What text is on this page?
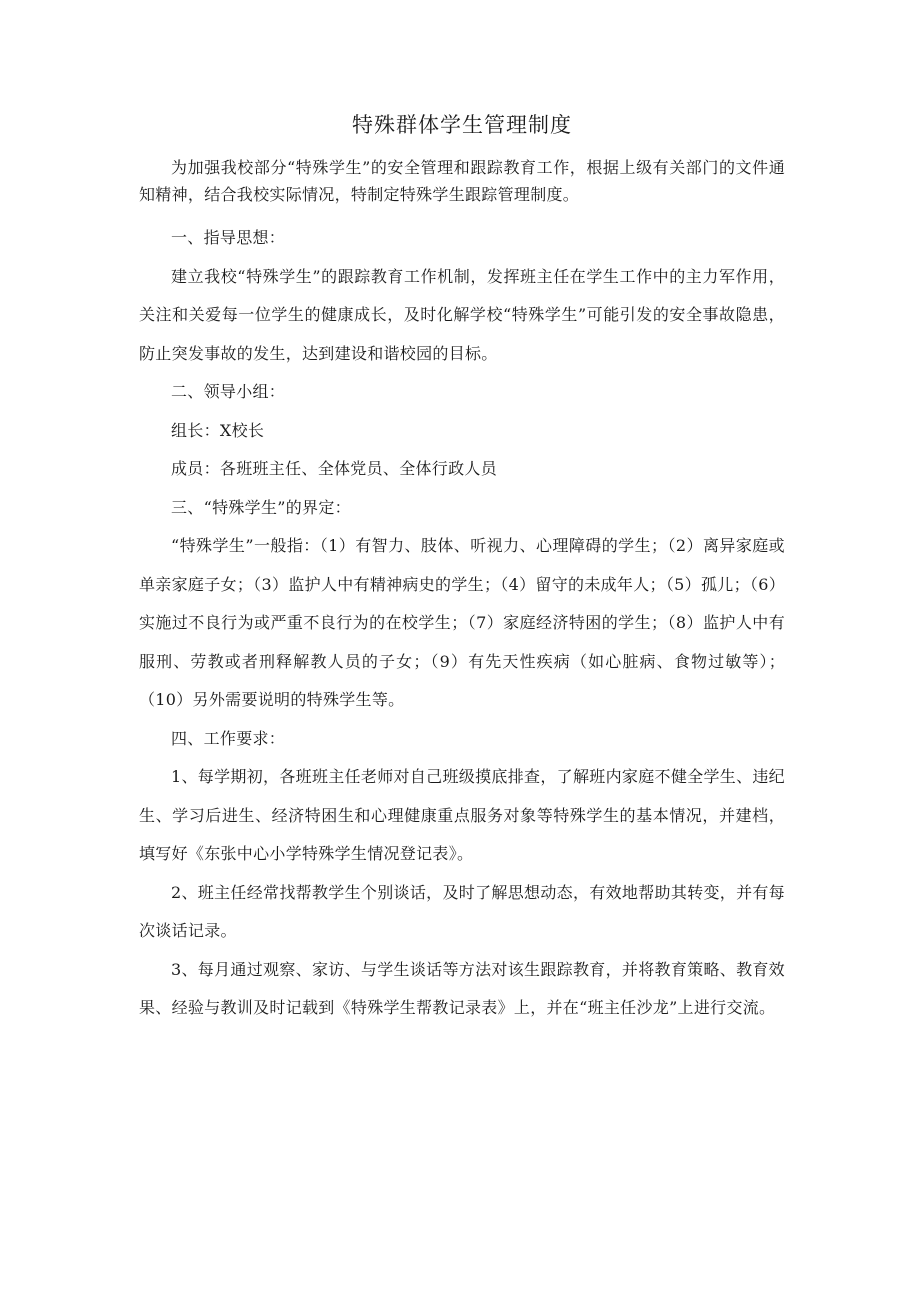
特殊群体学生管理制度

为加强我校部分“特殊学生”的安全管理和跟踪教育工作，根据上级有关部门的文件通知精神，结合我校实际情况，特制定特殊学生跟踪管理制度。

一、指导思想：

建立我校“特殊学生”的跟踪教育工作机制，发挥班主任在学生工作中的主力军作用，关注和关爱每一位学生的健康成长，及时化解学校“特殊学生”可能引发的安全事故隐患，防止突发事故的发生，达到建设和谐校园的目标。

二、领导小组：

组长：X校长

成员：各班班主任、全体党员、全体行政人员

三、“特殊学生”的界定：

“特殊学生”一般指：（1）有智力、肢体、听视力、心理障碍的学生；（2）离异家庭或单亲家庭子女；（3）监护人中有精神病史的学生；（4）留守的未成年人；（5）孤儿；（6）实施过不良行为或严重不良行为的在校学生；（7）家庭经济特困的学生；（8）监护人中有服刑、劳教或者刑释解教人员的子女；（9）有先天性疾病（如心脏病、食物过敏等）；（10）另外需要说明的特殊学生等。

四、工作要求：

1、每学期初，各班班主任老师对自己班级摸底排查，了解班内家庭不健全学生、违纪生、学习后进生、经济特困生和心理健康重点服务对象等特殊学生的基本情况，并建档，填写好《东张中心小学特殊学生情况登记表》。

2、班主任经常找帮教学生个别谈话，及时了解思想动态，有效地帮助其转变，并有每次谈话记录。

3、每月通过观察、家访、与学生谈话等方法对该生跟踪教育，并将教育策略、教育效果、经验与教训及时记载到《特殊学生帮教记录表》上，并在“班主任沙龙”上进行交流。
